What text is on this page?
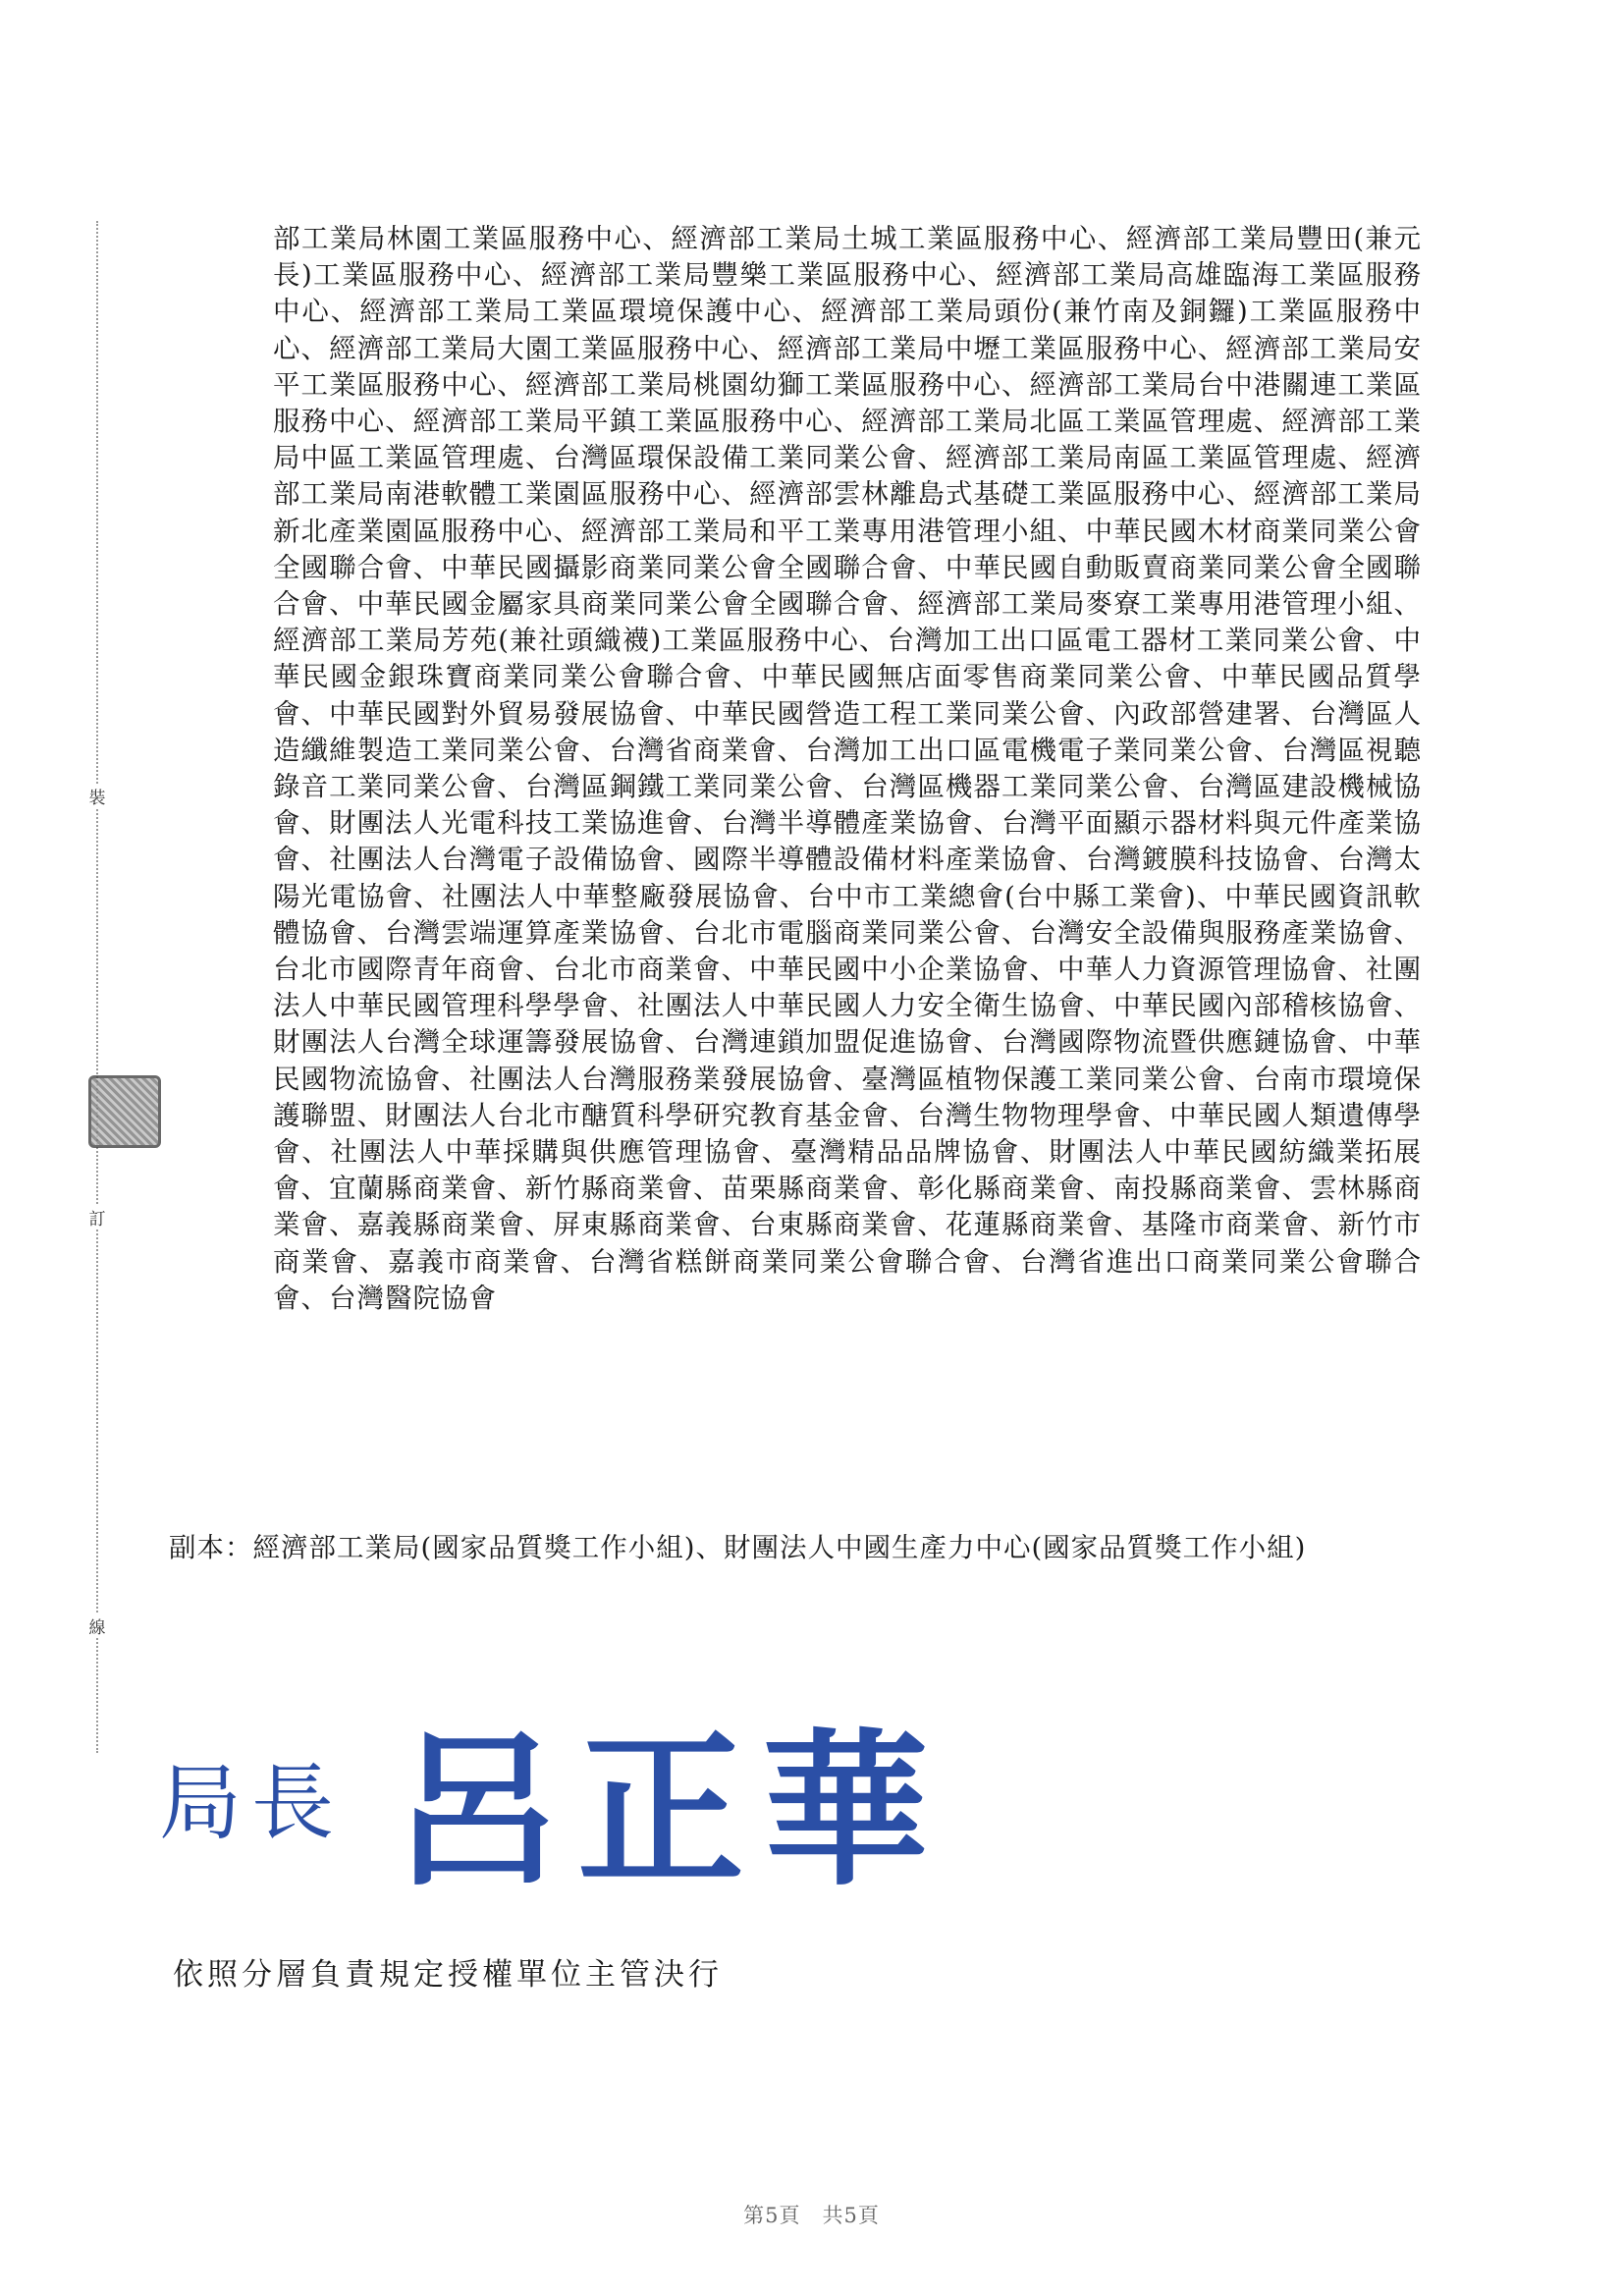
裝
訂
線

部工業局林園工業區服務中心、經濟部工業局土城工業區服務中心、經濟部工業局豐田(兼元長)工業區服務中心、經濟部工業局豐樂工業區服務中心、經濟部工業局高雄臨海工業區服務中心、經濟部工業局工業區環境保護中心、經濟部工業局頭份(兼竹南及銅鑼)工業區服務中心、經濟部工業局大園工業區服務中心、經濟部工業局中壢工業區服務中心、經濟部工業局安平工業區服務中心、經濟部工業局桃園幼獅工業區服務中心、經濟部工業局台中港關連工業區服務中心、經濟部工業局平鎮工業區服務中心、經濟部工業局北區工業區管理處、經濟部工業局中區工業區管理處、台灣區環保設備工業同業公會、經濟部工業局南區工業區管理處、經濟部工業局南港軟體工業園區服務中心、經濟部雲林離島式基礎工業區服務中心、經濟部工業局新北產業園區服務中心、經濟部工業局和平工業專用港管理小組、中華民國木材商業同業公會全國聯合會、中華民國攝影商業同業公會全國聯合會、中華民國自動販賣商業同業公會全國聯合會、中華民國金屬家具商業同業公會全國聯合會、經濟部工業局麥寮工業專用港管理小組、經濟部工業局芳苑(兼社頭織襪)工業區服務中心、台灣加工出口區電工器材工業同業公會、中華民國金銀珠寶商業同業公會聯合會、中華民國無店面零售商業同業公會、中華民國品質學會、中華民國對外貿易發展協會、中華民國營造工程工業同業公會、內政部營建署、台灣區人造纖維製造工業同業公會、台灣省商業會、台灣加工出口區電機電子業同業公會、台灣區視聽錄音工業同業公會、台灣區鋼鐵工業同業公會、台灣區機器工業同業公會、台灣區建設機械協會、財團法人光電科技工業協進會、台灣半導體產業協會、台灣平面顯示器材料與元件產業協會、社團法人台灣電子設備協會、國際半導體設備材料產業協會、台灣鍍膜科技協會、台灣太陽光電協會、社團法人中華整廠發展協會、台中市工業總會(台中縣工業會)、中華民國資訊軟體協會、台灣雲端運算產業協會、台北市電腦商業同業公會、台灣安全設備與服務產業協會、台北市國際青年商會、台北市商業會、中華民國中小企業協會、中華人力資源管理協會、社團法人中華民國管理科學學會、社團法人中華民國人力安全衛生協會、中華民國內部稽核協會、財團法人台灣全球運籌發展協會、台灣連鎖加盟促進協會、台灣國際物流暨供應鏈協會、中華民國物流協會、社團法人台灣服務業發展協會、臺灣區植物保護工業同業公會、台南市環境保護聯盟、財團法人台北市醣質科學研究教育基金會、台灣生物物理學會、中華民國人類遺傳學會、社團法人中華採購與供應管理協會、臺灣精品品牌協會、財團法人中華民國紡織業拓展會、宜蘭縣商業會、新竹縣商業會、苗栗縣商業會、彰化縣商業會、南投縣商業會、雲林縣商業會、嘉義縣商業會、屏東縣商業會、台東縣商業會、花蓮縣商業會、基隆市商業會、新竹市商業會、嘉義市商業會、台灣省糕餅商業同業公會聯合會、台灣省進出口商業同業公會聯合會、台灣醫院協會

副本： 經濟部工業局(國家品質獎工作小組)、財團法人中國生產力中心(國家品質獎工作小組)
局長 呂正華
依照分層負責規定授權單位主管決行
第5頁　共5頁
